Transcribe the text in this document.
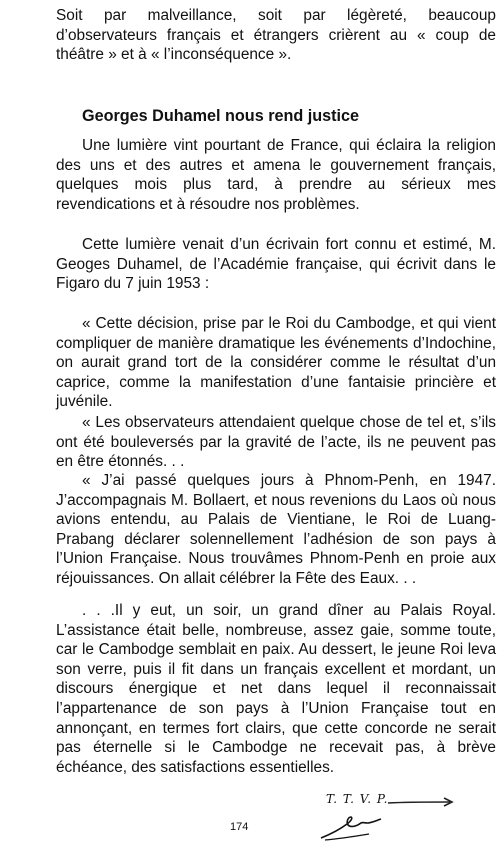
Soit par malveillance, soit par légèreté, beaucoup d’observateurs français et étrangers crièrent au « coup de théâtre » et à « l’inconséquence ».

Georges Duhamel nous rend justice

Une lumière vint pourtant de France, qui éclaira la religion des uns et des autres et amena le gouvernement français, quelques mois plus tard, à prendre au sérieux mes revendications et à résoudre nos problèmes.

Cette lumière venait d’un écrivain fort connu et estimé, M. Geoges Duhamel, de l’Académie française, qui écrivit dans le Figaro du 7 juin 1953 :

« Cette décision, prise par le Roi du Cambodge, et qui vient compliquer de manière dramatique les événements d’Indochine, on aurait grand tort de la considérer comme le résultat d’un caprice, comme la manifestation d’une fantaisie princière et juvénile.

« Les observateurs attendaient quelque chose de tel et, s’ils ont été bouleversés par la gravité de l’acte, ils ne peuvent pas en être étonnés. . .

« J’ai passé quelques jours à Phnom-Penh, en 1947. J’accompagnais M. Bollaert, et nous revenions du Laos où nous avions entendu, au Palais de Vientiane, le Roi de Luang-Prabang déclarer solennellement l’adhésion de son pays à l’Union Française. Nous trouvâmes Phnom-Penh en proie aux réjouissances. On allait célébrer la Fête des Eaux. . .

. . .Il y eut, un soir, un grand dîner au Palais Royal. L’assistance était belle, nombreuse, assez gaie, somme toute, car le Cambodge semblait en paix. Au dessert, le jeune Roi leva son verre, puis il fit dans un français excellent et mordant, un discours énergique et net dans lequel il reconnaissait l’appartenance de son pays à l’Union Française tout en annonçant, en termes fort clairs, que cette concorde ne serait pas éternelle si le Cambodge ne recevait pas, à brève échéance, des satisfactions essentielles.

T. T. V. P.
174
